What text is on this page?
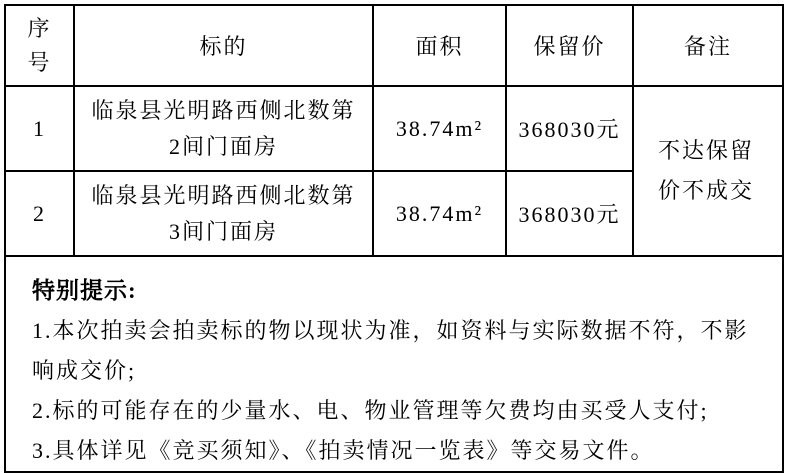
序号	标的	面积	保留价	备注
1	临泉县光明路西侧北数第2间门面房	38.74m²	368030元	不达保留价不成交

2	临泉县光明路西侧北数第3间门面房	38.74m²	368030元	

特别提示:

1.本次拍卖会拍卖标的物以现状为准，如资料与实际数据不符，不影响成交价;

2.标的可能存在的少量水、电、物业管理等欠费均由买受人支付;

3.具体详见《竞买须知》、《拍卖情况一览表》等交易文件。				
